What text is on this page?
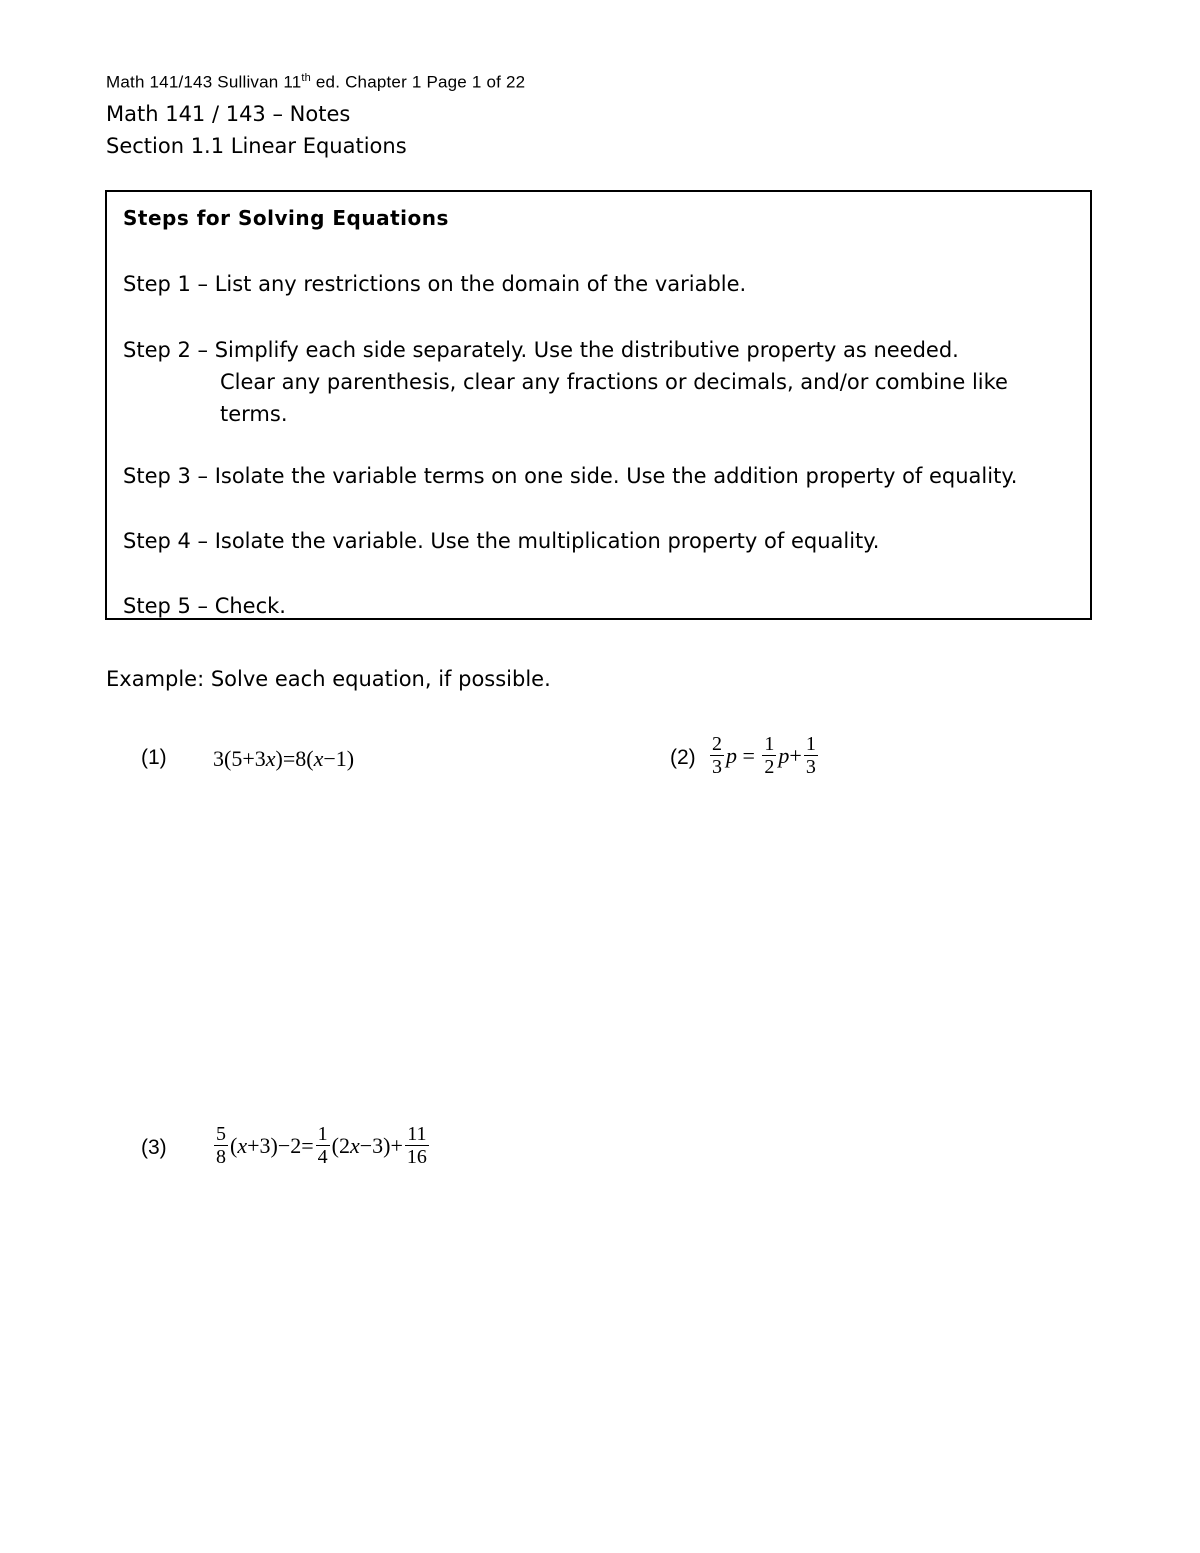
Math 141/143 Sullivan 11th ed. Chapter 1 Page 1 of 22
Math 141 / 143 – Notes
Section 1.1 Linear Equations
Steps for Solving Equations
Step 1 – List any restrictions on the domain of the variable.
Step 2 – Simplify each side separately. Use the distributive property as needed.
Clear any parenthesis, clear any fractions or decimals, and/or combine like
terms.
Step 3 – Isolate the variable terms on one side. Use the addition property of equality.
Step 4 – Isolate the variable. Use the multiplication property of equality.
Step 5 – Check.
Example: Solve each equation, if possible.
(1) 3(5+3 x )=8( x −1)	$(2) \frac{2}{3}$ $p = \frac{1}{2}$ $p + \frac{1}{3}$
$(3) \frac{5}{8}$ ( $x +3)-2= \frac{1}{4} (2$ $x -3)+ \frac{11}{16}$
